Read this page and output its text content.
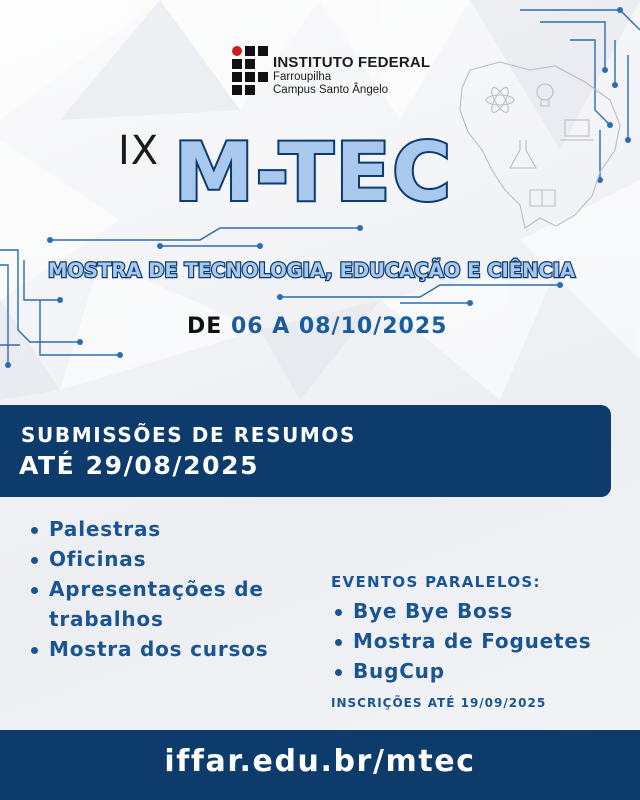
INSTITUTO FEDERAL
Farroupilha
Campus Santo Ângelo
IX M-TEC
MOSTRA DE TECNOLOGIA, EDUCAÇÃO E CIÊNCIA
DE 06 A 08/10/2025
SUBMISSÕES DE RESUMOS
ATÉ 29/08/2025
Palestras
Oficinas
Apresentações de trabalhos
Mostra dos cursos
EVENTOS PARALELOS:
Bye Bye Boss
Mostra de Foguetes
BugCup
INSCRIÇÕES ATÉ 19/09/2025
iffar.edu.br/mtec
